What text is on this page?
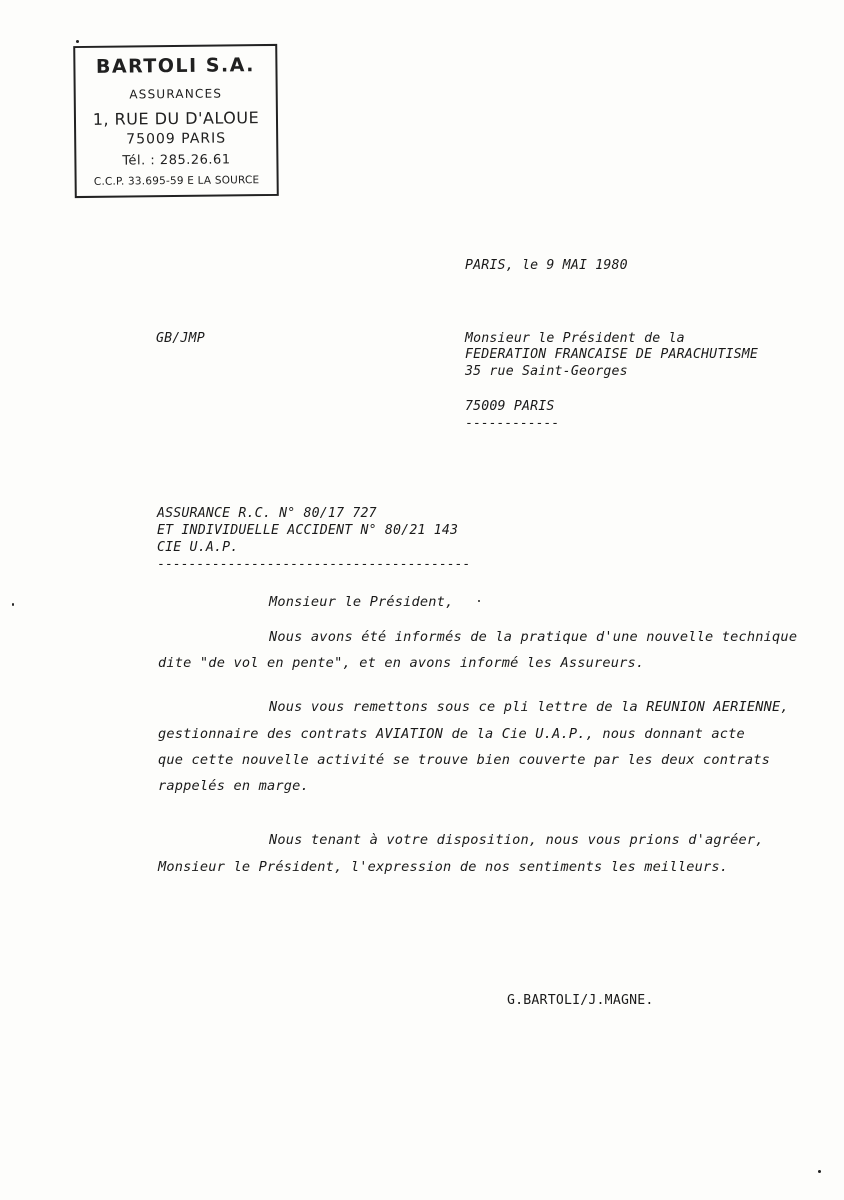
BARTOLI S.A.
ASSURANCES
1, RUE DU D'ALOUE
75009 PARIS
Tél. : 285.26.61
C.C.P. 33.695-59 E LA SOURCE
PARIS, le 9 MAI 1980
GB/JMP	Monsieur le Président de la
FEDERATION FRANCAISE DE PARACHUTISME
35 rue Saint-Georges
75009 PARIS
------------
ASSURANCE R.C. N° 80/17 727
ET INDIVIDUELLE ACCIDENT N° 80/21 143
CIE U.A.P.
----------------------------------------
Monsieur le Président,
Nous avons été informés de la pratique d'une nouvelle technique
dite "de vol en pente", et en avons informé les Assureurs.
Nous vous remettons sous ce pli lettre de la REUNION AERIENNE,
gestionnaire des contrats AVIATION de la Cie U.A.P., nous donnant acte
que cette nouvelle activité se trouve bien couverte par les deux contrats
rappelés en marge.
Nous tenant à votre disposition, nous vous prions d'agréer,
Monsieur le Président, l'expression de nos sentiments les meilleurs.
G.BARTOLI/J.MAGNE.
